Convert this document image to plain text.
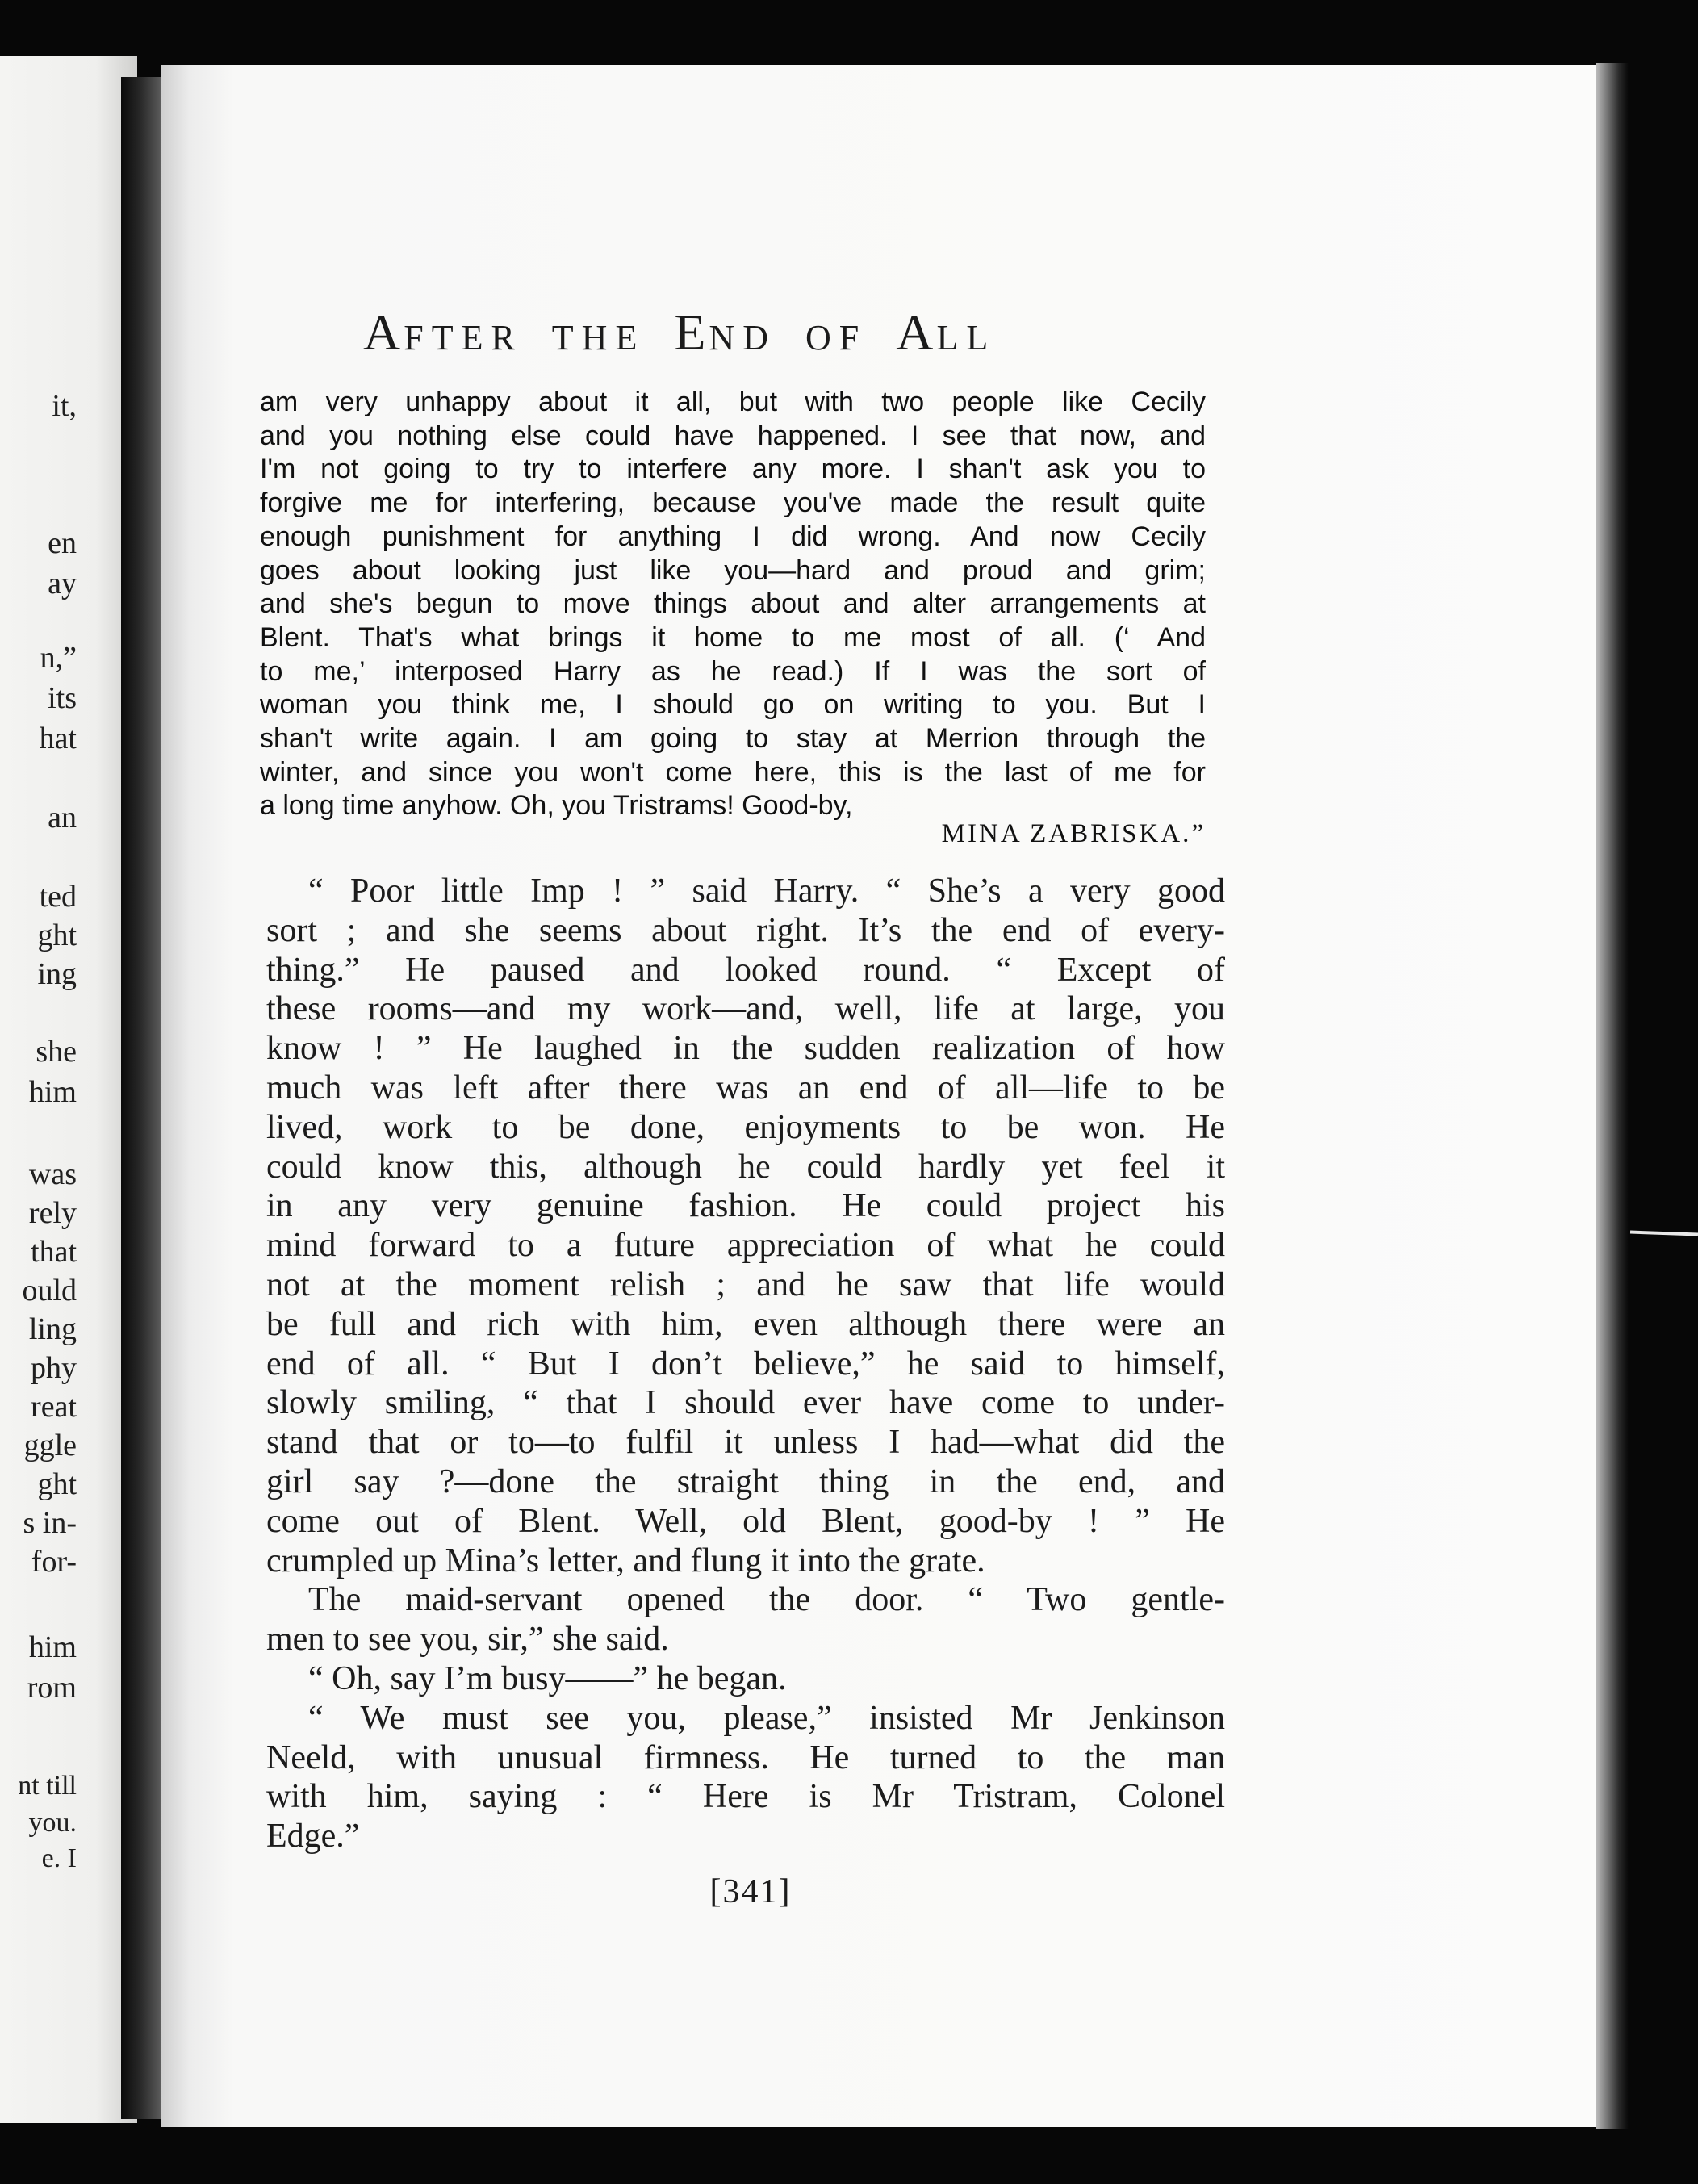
it,
en
ay
n,”
its
hat
an
ted
ght
ing
she
him
was
rely
that
ould
ling
phy
reat
ggle
ght
s in-
for-
him
rom
nt till
you.
e. I
AFTER THE END OF ALL
am very unhappy about it all, but with two people like Cecily
and you nothing else could have happened. I see that now, and
I'm not going to try to interfere any more. I shan't ask you to
forgive me for interfering, because you've made the result quite
enough punishment for anything I did wrong. And now Cecily
goes about looking just like you—hard and proud and grim;
and she's begun to move things about and alter arrangements at
Blent. That's what brings it home to me most of all. (‘ And
to me,’ interposed Harry as he read.) If I was the sort of
woman you think me, I should go on writing to you. But I
shan't write again. I am going to stay at Merrion through the
winter, and since you won't come here, this is the last of me for
a long time anyhow. Oh, you Tristrams! Good-by,
MINA ZABRISKA.”
“ Poor little Imp ! ” said Harry. “ She’s a very good
sort ; and she seems about right. It’s the end of every-
thing.” He paused and looked round. “ Except of
these rooms—and my work—and, well, life at large, you
know ! ” He laughed in the sudden realization of how
much was left after there was an end of all—life to be
lived, work to be done, enjoyments to be won. He
could know this, although he could hardly yet feel it
in any very genuine fashion. He could project his
mind forward to a future appreciation of what he could
not at the moment relish ; and he saw that life would
be full and rich with him, even although there were an
end of all. “ But I don’t believe,” he said to himself,
slowly smiling, “ that I should ever have come to under-
stand that or to—to fulfil it unless I had—what did the
girl say ?—done the straight thing in the end, and
come out of Blent. Well, old Blent, good-by ! ” He
crumpled up Mina’s letter, and flung it into the grate.
The maid-servant opened the door. “ Two gentle-
men to see you, sir,” she said.
“ Oh, say I’m busy——” he began.
“ We must see you, please,” insisted Mr Jenkinson
Neeld, with unusual firmness. He turned to the man
with him, saying : “ Here is Mr Tristram, Colonel
Edge.”
[341]
